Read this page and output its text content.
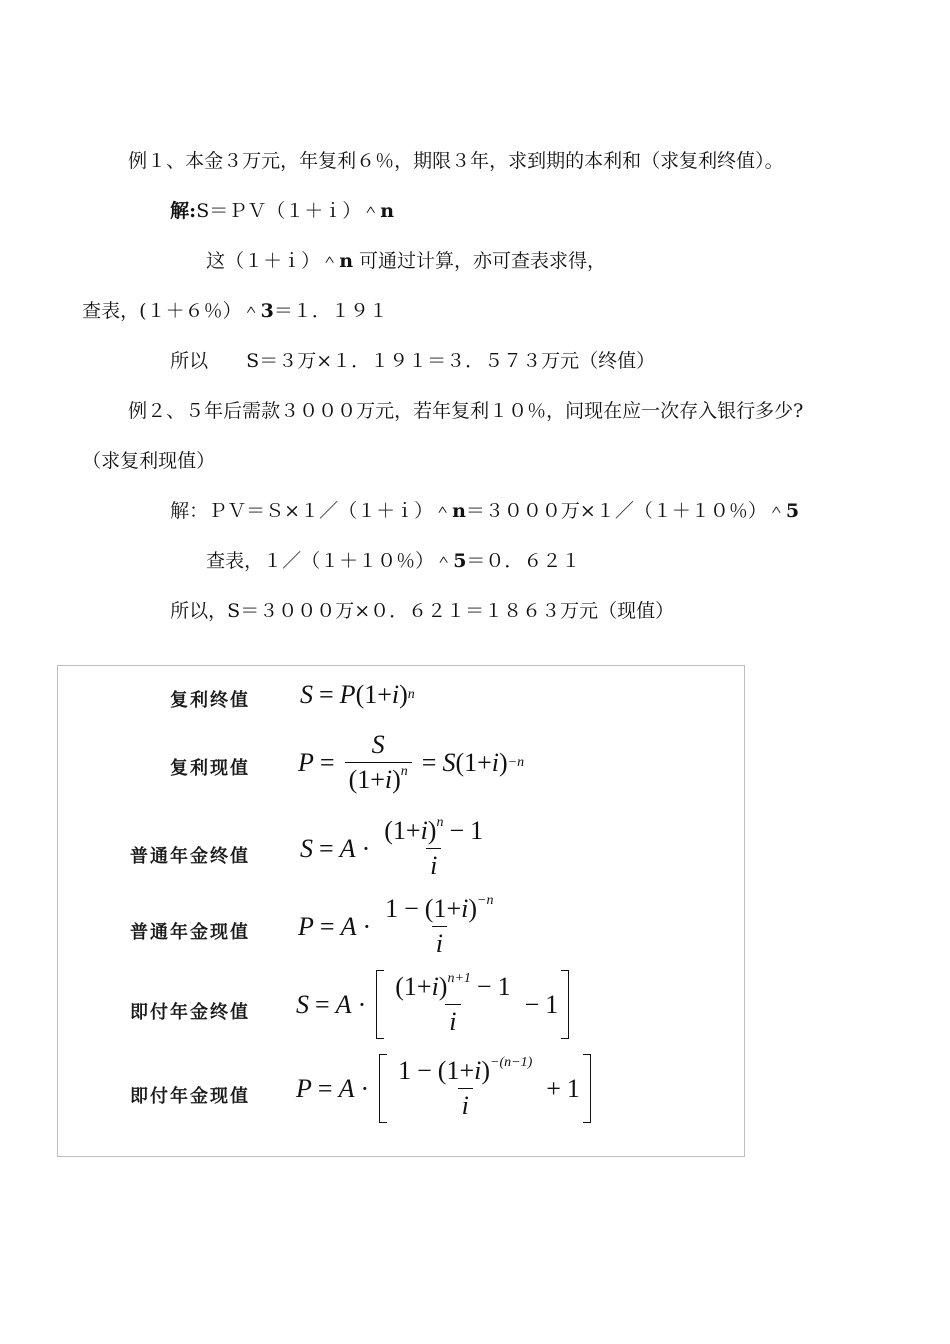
例１、本金３万元，年复利６％，期限３年，求到期的本利和（求复利终值）。

解:S＝ＰＶ（１＋ｉ）＾n

这（１＋ｉ）＾n 可通过计算，亦可查表求得，

查表，(１＋６％）＾3＝１．１９１

所以　　S＝３万×１．１９１＝３．５７３万元（终值）

例２、５年后需款３０００万元，若年复利１０％，问现在应一次存入银行多少?

（求复利现值）

解：ＰＶ＝Ｓ×１／（１＋ｉ）＾n＝３０００万×１／（１＋１０％）＾5

查表，１／（１＋１０％）＾5＝０．６２１

所以，S＝３０００万×０．６２１＝１８６３万元（现值）

复利终值 S = P (1+ i ) n
复利现值 $P = \frac{S}{(1+i)^n} = S$ (1+ i ) −n
普通年金终值 $S = A \cdot \frac{(1+i)^n - 1}{i}$
普通年金现值 $P = A \cdot \frac{1 - (1+i)^{-n}}{i}$
即付年金终值 $S = A \cdot \frac{(1+i)^{n+1} - 1}{i} - 1$
即付年金现值 $P = A \cdot \frac{1 - (1+i)^{-(n-1)}}{i} + 1$
